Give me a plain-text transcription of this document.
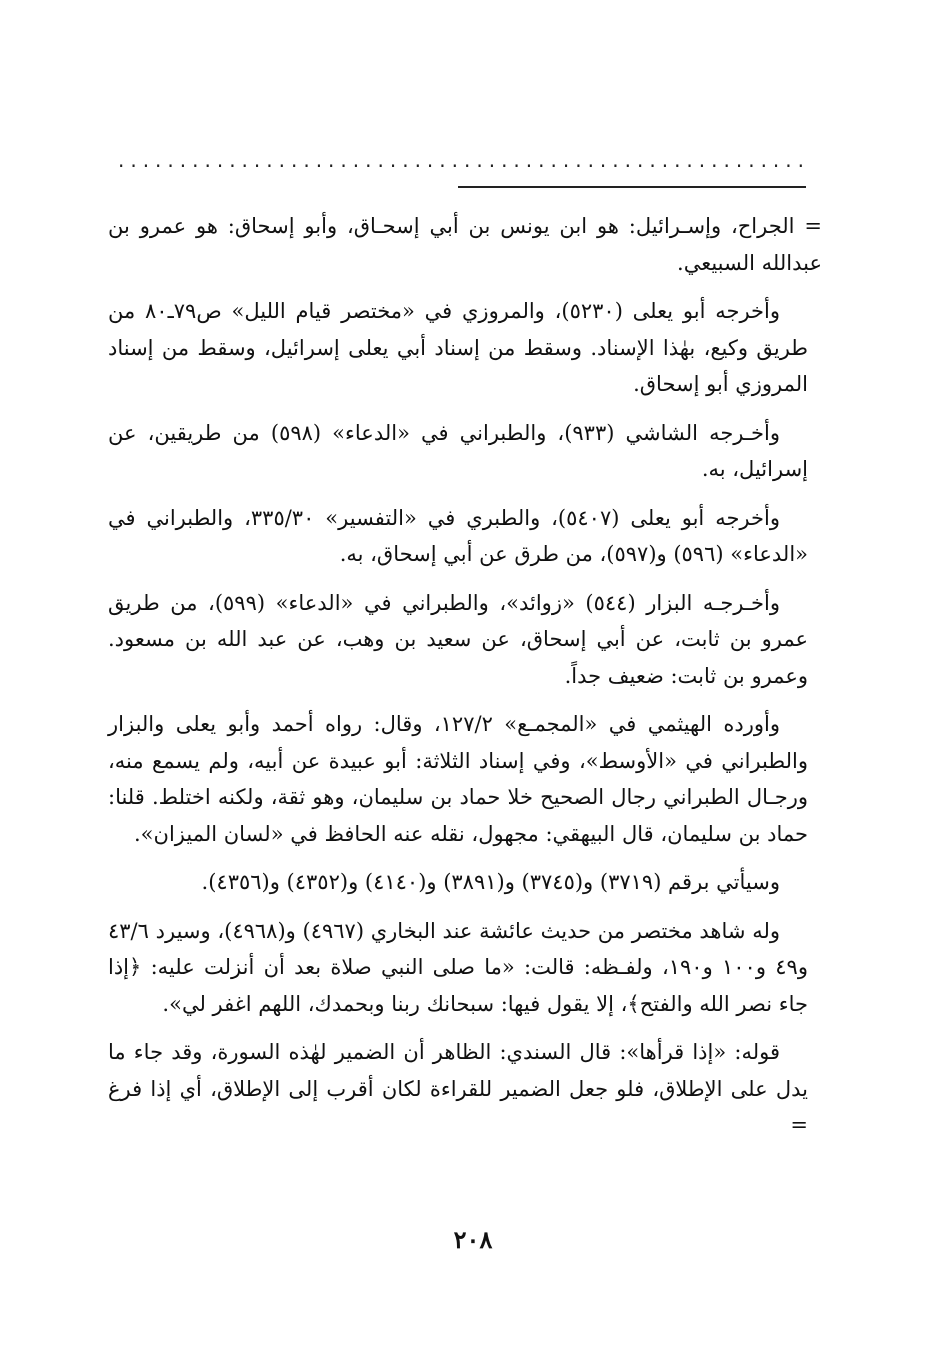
........................................................

= الجراح، وإسـرائيل: هو ابن يونس بن أبي إسحـاق، وأبو إسحاق: هو عمرو بن عبدالله السبيعي.

وأخرجه أبو يعلى (٥٢٣٠)، والمروزي في «مختصر قيام الليل» ص٧٩ـ٨٠ من طريق وكيع، بهٰذا الإسناد. وسقط من إسناد أبي يعلى إسرائيل، وسقط من إسناد المروزي أبو إسحاق.

وأخـرجه الشاشي (٩٣٣)، والطبراني في «الدعاء» (٥٩٨) من طريقين، عن إسرائيل، به.

وأخرجه أبو يعلى (٥٤٠٧)، والطبري في «التفسير» ٣٣٥/٣٠، والطبراني في «الدعاء» (٥٩٦) و(٥٩٧)، من طرق عن أبي إسحاق، به.

وأخـرجـه البزار (٥٤٤) «زوائد»، والطبراني في «الدعاء» (٥٩٩)، من طريق عمرو بن ثابت، عن أبي إسحاق، عن سعيد بن وهب، عن عبد الله بن مسعود. وعمرو بن ثابت: ضعيف جداً.

وأورده الهيثمي في «المجمـع» ١٢٧/٢، وقال: رواه أحمد وأبو يعلى والبزار والطبراني في «الأوسط»، وفي إسناد الثلاثة: أبو عبيدة عن أبيه، ولم يسمع منه، ورجـال الطبراني رجال الصحيح خلا حماد بن سليمان، وهو ثقة، ولكنه اختلط. قلنا: حماد بن سليمان، قال البيهقي: مجهول، نقله عنه الحافظ في «لسان الميزان».

وسيأتي برقم (٣٧١٩) و(٣٧٤٥) و(٣٨٩١) و(٤١٤٠) و(٤٣٥٢) و(٤٣٥٦).

وله شاهد مختصر من حديث عائشة عند البخاري (٤٩٦٧) و(٤٩٦٨)، وسيرد ٤٣/٦ و٤٩ و١٠٠ و١٩٠، ولفـظه: قالت: «ما صلى النبي صلاة بعد أن أنزلت عليه: ﴿إذا جاء نصر الله والفتح﴾، إلا يقول فيها: سبحانك ربنا وبحمدك، اللهم اغفر لي».

قوله: «إذا قرأها»: قال السندي: الظاهر أن الضمير لهٰذه السورة، وقد جاء ما يدل على الإطلاق، فلو جعل الضمير للقراءة لكان أقرب إلى الإطلاق، أي إذا فرغ =

٢٠٨
